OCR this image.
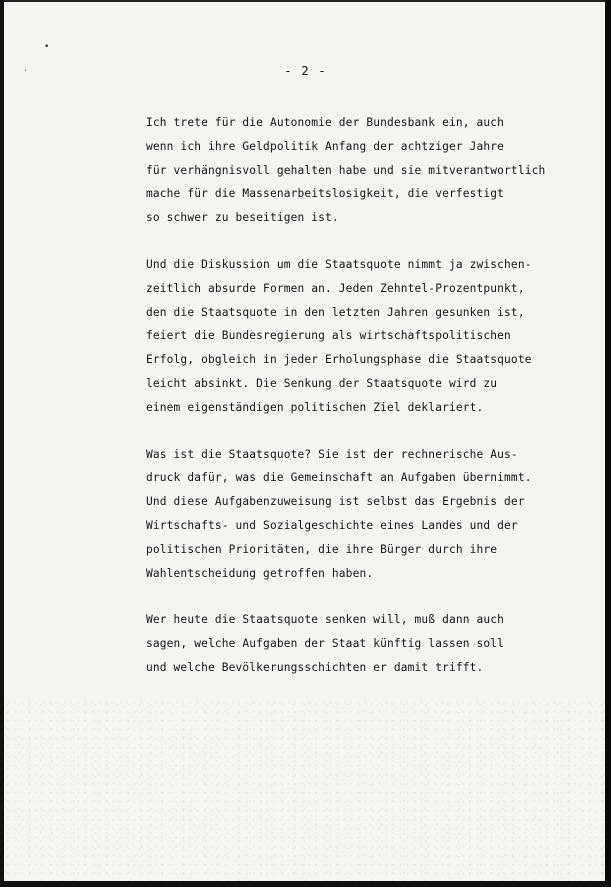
•
·	- 2 -
Ich trete für die Autonomie der Bundesbank ein, auch
wenn ich ihre Geldpolitik Anfang der achtziger Jahre
für verhängnisvoll gehalten habe und sie mitverantwortlich
mache für die Massenarbeitslosigkeit, die verfestigt
so schwer zu beseitigen ist.
Und die Diskussion um die Staatsquote nimmt ja zwischen-
zeitlich absurde Formen an. Jeden Zehntel-Prozentpunkt,
den die Staatsquote in den letzten Jahren gesunken ist,
feiert die Bundesregierung als wirtschaftspolitischen
Erfolg, obgleich in jeder Erholungsphase die Staatsquote
leicht absinkt. Die Senkung der Staatsquote wird zu
einem eigenständigen politischen Ziel deklariert.
Was ist die Staatsquote? Sie ist der rechnerische Aus-
druck dafür, was die Gemeinschaft an Aufgaben übernimmt.
Und diese Aufgabenzuweisung ist selbst das Ergebnis der
Wirtschafts- und Sozialgeschichte eines Landes und der
politischen Prioritäten, die ihre Bürger durch ihre
Wahlentscheidung getroffen haben.
Wer heute die Staatsquote senken will, muß dann auch
sagen, welche Aufgaben der Staat künftig lassen soll
und welche Bevölkerungsschichten er damit trifft.
